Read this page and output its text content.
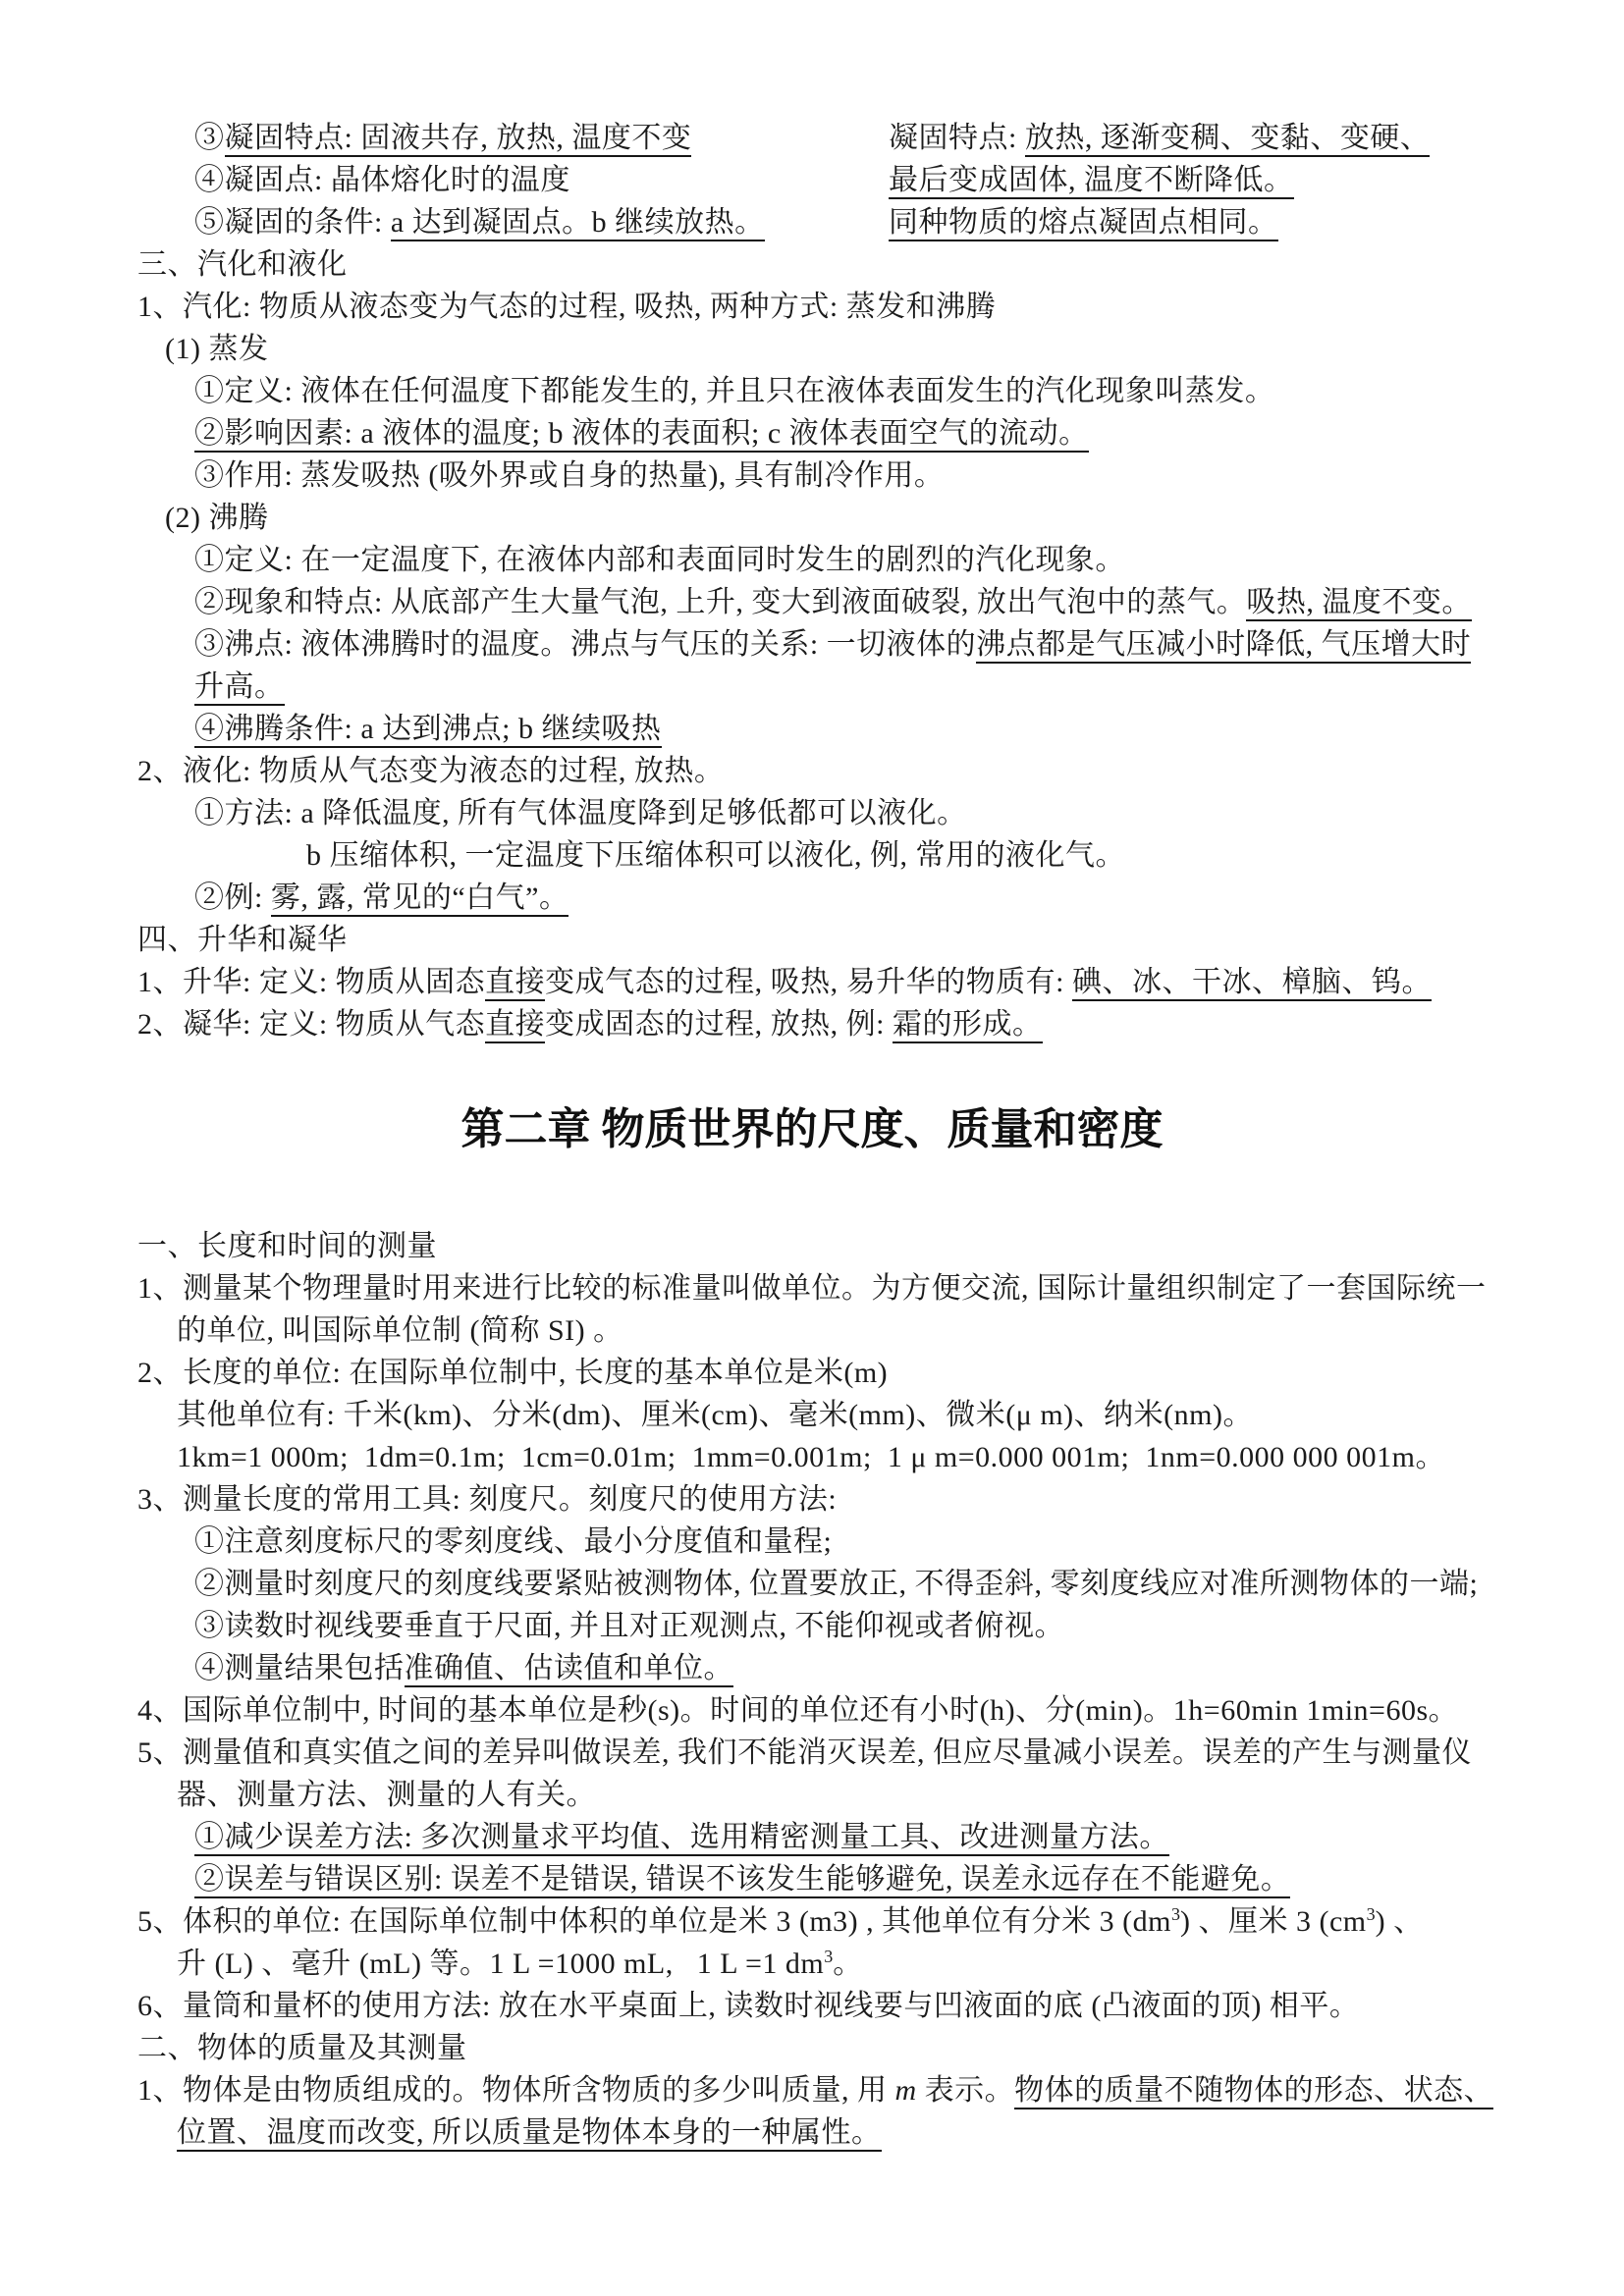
③凝固特点: 固液共存, 放热, 温度不变
④凝固点: 晶体熔化时的温度
⑤凝固的条件: a 达到凝固点。b 继续放热。
凝固特点: 放热, 逐渐变稠、变黏、变硬、
最后变成固体, 温度不断降低。
同种物质的熔点凝固点相同。
三、汽化和液化
1、汽化: 物质从液态变为气态的过程, 吸热, 两种方式: 蒸发和沸腾
(1) 蒸发
①定义: 液体在任何温度下都能发生的, 并且只在液体表面发生的汽化现象叫蒸发。
②影响因素: a 液体的温度; b 液体的表面积; c 液体表面空气的流动。
③作用: 蒸发吸热 (吸外界或自身的热量), 具有制冷作用。
(2) 沸腾
①定义: 在一定温度下, 在液体内部和表面同时发生的剧烈的汽化现象。
②现象和特点: 从底部产生大量气泡, 上升, 变大到液面破裂, 放出气泡中的蒸气。吸热, 温度不变。
③沸点: 液体沸腾时的温度。沸点与气压的关系: 一切液体的沸点都是气压减小时降低, 气压增大时
升高。
④沸腾条件: a 达到沸点; b 继续吸热
2、液化: 物质从气态变为液态的过程, 放热。
①方法: a 降低温度, 所有气体温度降到足够低都可以液化。
b 压缩体积, 一定温度下压缩体积可以液化, 例, 常用的液化气。
②例: 雾, 露, 常见的“白气”。
四、升华和凝华
1、升华: 定义: 物质从固态直接变成气态的过程, 吸热, 易升华的物质有: 碘、冰、干冰、樟脑、钨。
2、凝华: 定义: 物质从气态直接变成固态的过程, 放热, 例: 霜的形成。
第二章 物质世界的尺度、质量和密度
一、长度和时间的测量
1、测量某个物理量时用来进行比较的标准量叫做单位。为方便交流, 国际计量组织制定了一套国际统一
的单位, 叫国际单位制 (简称 SI) 。
2、长度的单位: 在国际单位制中, 长度的基本单位是米(m)
其他单位有: 千米(km)、分米(dm)、厘米(cm)、毫米(mm)、微米(μ m)、纳米(nm)。
1km=1 000m;  1dm=0.1m;  1cm=0.01m;  1mm=0.001m;  1 μ m=0.000 001m;  1nm=0.000 000 001m。
3、测量长度的常用工具: 刻度尺。刻度尺的使用方法:
①注意刻度标尺的零刻度线、最小分度值和量程;
②测量时刻度尺的刻度线要紧贴被测物体, 位置要放正, 不得歪斜, 零刻度线应对准所测物体的一端;
③读数时视线要垂直于尺面, 并且对正观测点, 不能仰视或者俯视。
④测量结果包括准确值、估读值和单位。
4、国际单位制中, 时间的基本单位是秒(s)。时间的单位还有小时(h)、分(min)。1h=60min 1min=60s。
5、测量值和真实值之间的差异叫做误差, 我们不能消灭误差, 但应尽量减小误差。误差的产生与测量仪
器、测量方法、测量的人有关。
①减少误差方法: 多次测量求平均值、选用精密测量工具、改进测量方法。
②误差与错误区别: 误差不是错误, 错误不该发生能够避免, 误差永远存在不能避免。
5、体积的单位: 在国际单位制中体积的单位是米 3 (m3) , 其他单位有分米 3 $(dm^3)$ 、厘米 3 $(cm^3)$ 、
升 (L) 、毫升 (mL) 等。1 L =1000 mL,   1 L =1 $dm^3$。
6、量筒和量杯的使用方法: 放在水平桌面上, 读数时视线要与凹液面的底 (凸液面的顶) 相平。
二、物体的质量及其测量
1、物体是由物质组成的。物体所含物质的多少叫质量, 用 m 表示。物体的质量不随物体的形态、状态、
位置、温度而改变, 所以质量是物体本身的一种属性。
